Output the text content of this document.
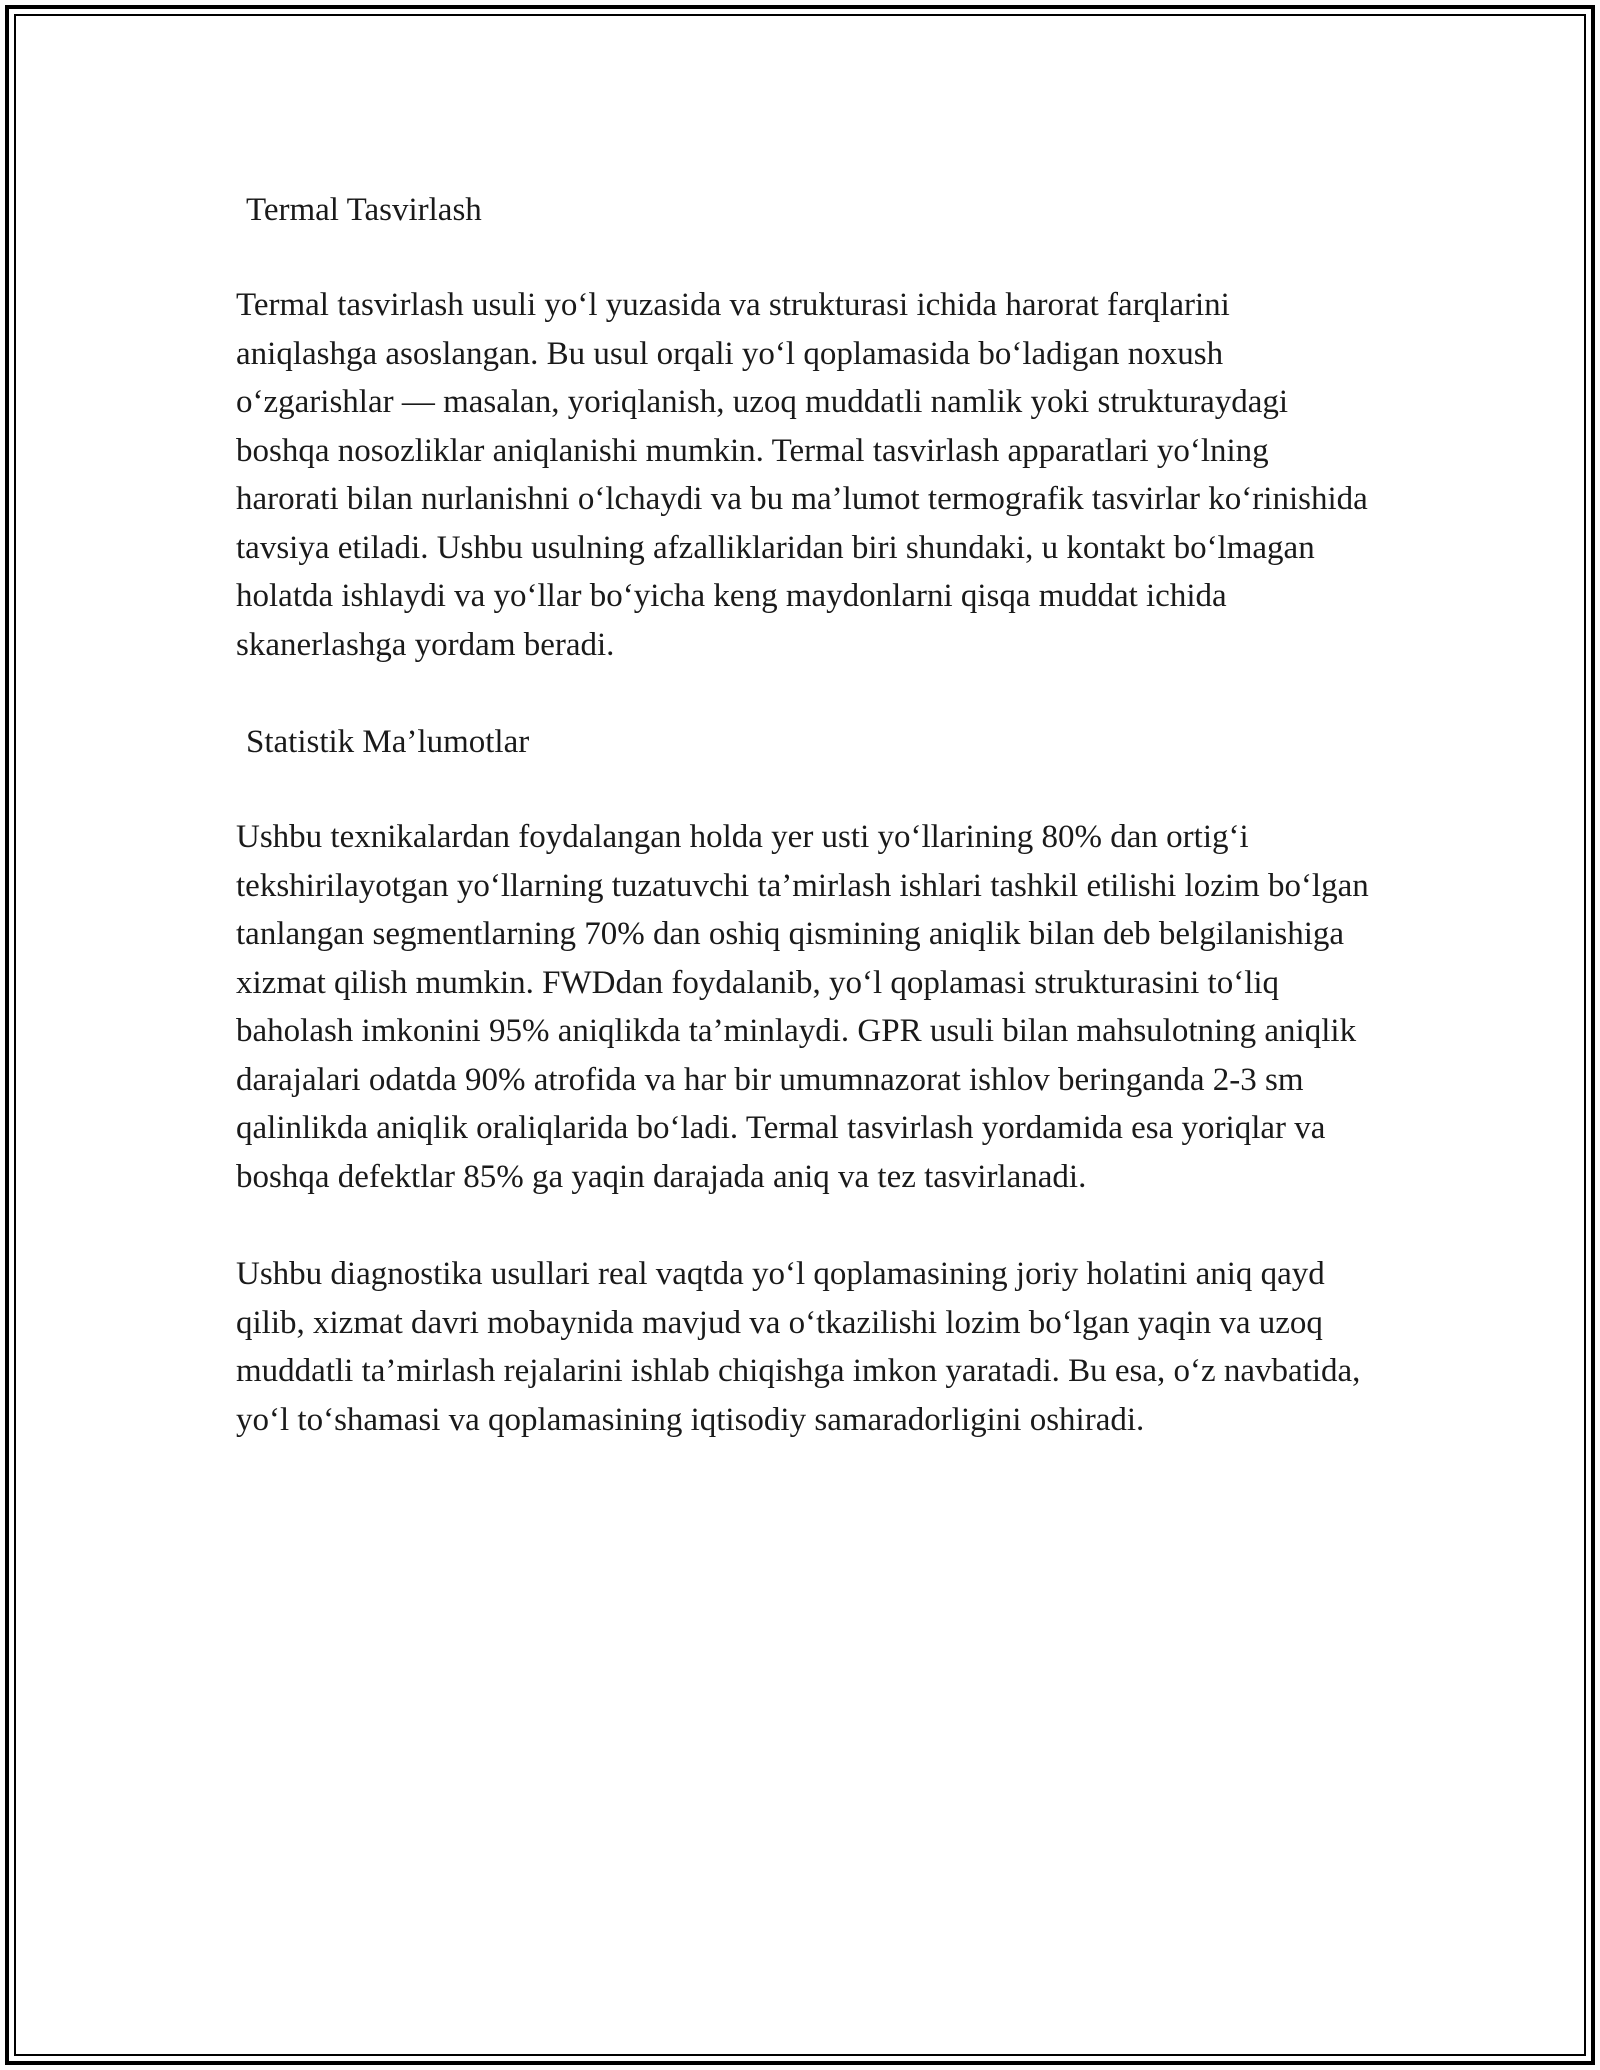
Termal Tasvirlash

Termal tasvirlash usuli yo‘l yuzasida va strukturasi ichida harorat farqlarini aniqlashga asoslangan. Bu usul orqali yo‘l qoplamasida bo‘ladigan noxush o‘zgarishlar — masalan, yoriqlanish, uzoq muddatli namlik yoki strukturaydagi boshqa nosozliklar aniqlanishi mumkin. Termal tasvirlash apparatlari yo‘lning harorati bilan nurlanishni o‘lchaydi va bu ma’lumot termografik tasvirlar ko‘rinishida tavsiya etiladi. Ushbu usulning afzalliklaridan biri shundaki, u kontakt bo‘lmagan holatda ishlaydi va yo‘llar bo‘yicha keng maydonlarni qisqa muddat ichida skanerlashga yordam beradi.

Statistik Ma’lumotlar

Ushbu texnikalardan foydalangan holda yer usti yo‘llarining 80% dan ortig‘i tekshirilayotgan yo‘llarning tuzatuvchi ta’mirlash ishlari tashkil etilishi lozim bo‘lgan tanlangan segmentlarning 70% dan oshiq qismining aniqlik bilan deb belgilanishiga xizmat qilish mumkin. FWDdan foydalanib, yo‘l qoplamasi strukturasini to‘liq baholash imkonini 95% aniqlikda ta’minlaydi. GPR usuli bilan mahsulotning aniqlik darajalari odatda 90% atrofida va har bir umumnazorat ishlov beringanda 2-3 sm qalinlikda aniqlik oraliqlarida bo‘ladi. Termal tasvirlash yordamida esa yoriqlar va boshqa defektlar 85% ga yaqin darajada aniq va tez tasvirlanadi.

Ushbu diagnostika usullari real vaqtda yo‘l qoplamasining joriy holatini aniq qayd qilib, xizmat davri mobaynida mavjud va o‘tkazilishi lozim bo‘lgan yaqin va uzoq muddatli ta’mirlash rejalarini ishlab chiqishga imkon yaratadi. Bu esa, o‘z navbatida, yo‘l to‘shamasi va qoplamasining iqtisodiy samaradorligini oshiradi.
